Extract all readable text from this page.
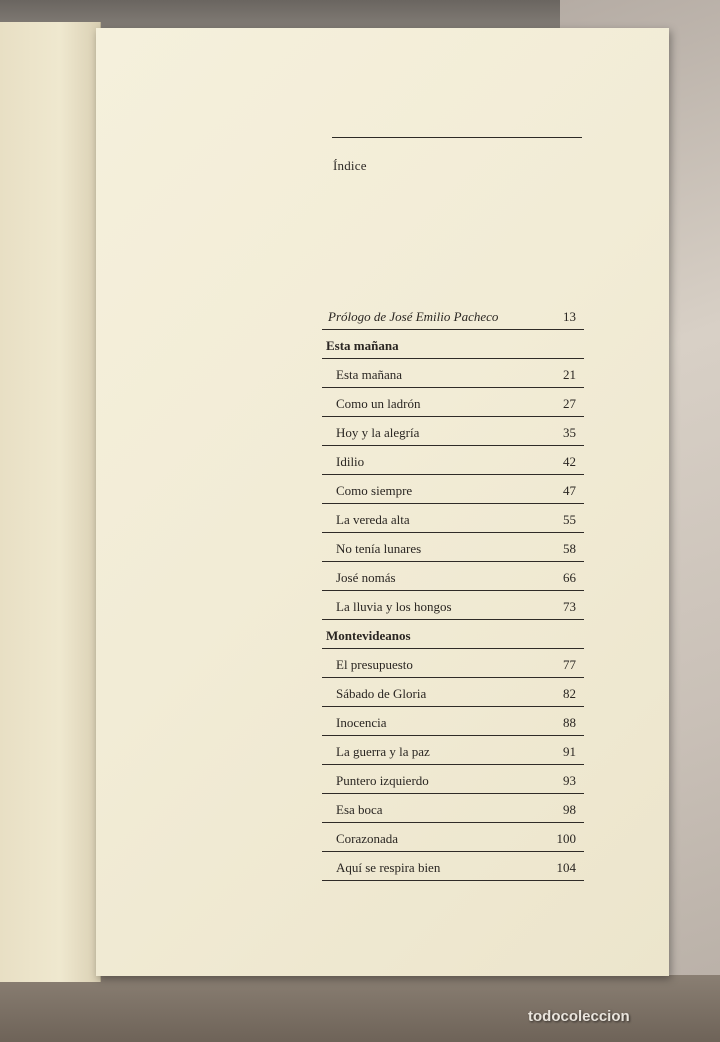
Índice
Prólogo de José Emilio Pacheco	13
Esta mañana
Esta mañana	21
Como un ladrón	27
Hoy y la alegría	35
Idilio	42
Como siempre	47
La vereda alta	55
No tenía lunares	58
José nomás	66
La lluvia y los hongos	73
Montevideanos
El presupuesto	77
Sábado de Gloria	82
Inocencia	88
La guerra y la paz	91
Puntero izquierdo	93
Esa boca	98
Corazonada	100
Aquí se respira bien	104
todocoleccion
